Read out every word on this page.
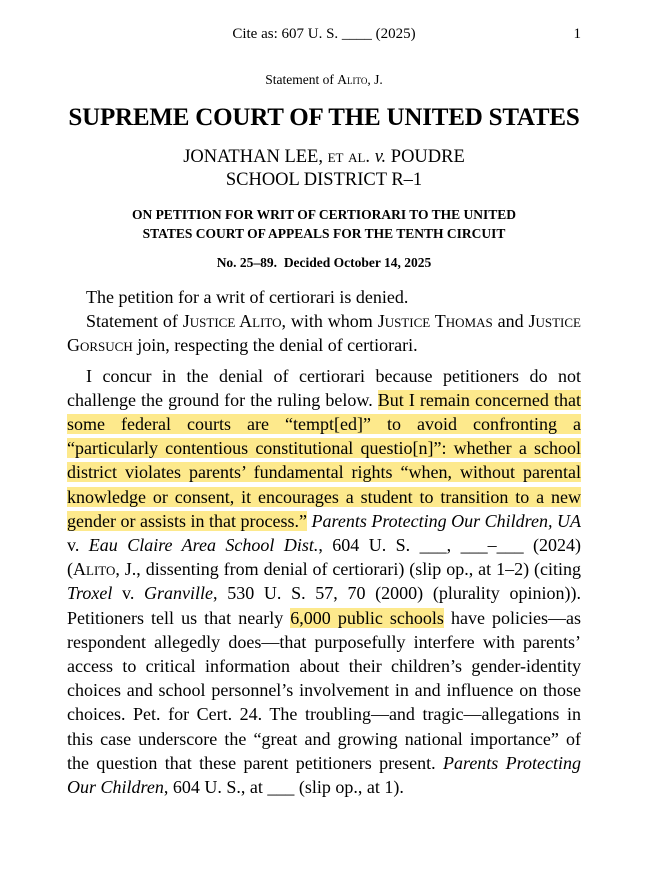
Cite as: 607 U. S. ____ (2025)	1
Statement of Alito, J.
SUPREME COURT OF THE UNITED STATES
JONATHAN LEE, et al. v. POUDRE
SCHOOL DISTRICT R–1
ON PETITION FOR WRIT OF CERTIORARI TO THE UNITED
STATES COURT OF APPEALS FOR THE TENTH CIRCUIT
No. 25–89. Decided October 14, 2025

The petition for a writ of certiorari is denied.

Statement of Justice Alito, with whom Justice Thomas and Justice Gorsuch join, respecting the denial of certiorari.

I concur in the denial of certiorari because petitioners do not challenge the ground for the ruling below. But I remain concerned that some federal courts are “tempt[ed]” to avoid confronting a “particularly contentious constitutional questio[n]”: whether a school district violates parents’ fundamental rights “when, without parental knowledge or consent, it encourages a student to transition to a new gender or assists in that process.” Parents Protecting Our Children, UA v. Eau Claire Area School Dist., 604 U. S. ___, ___–___ (2024) (Alito, J., dissenting from denial of certiorari) (slip op., at 1–2) (citing Troxel v. Granville, 530 U. S. 57, 70 (2000) (plurality opinion)). Petitioners tell us that nearly 6,000 public schools have policies—as respondent allegedly does—that purposefully interfere with parents’ access to critical information about their children’s gender-identity choices and school personnel’s involvement in and influence on those choices. Pet. for Cert. 24. The troubling—and tragic—allegations in this case underscore the “great and growing national importance” of the question that these parent petitioners present. Parents Protecting Our Children, 604 U. S., at ___ (slip op., at 1).
